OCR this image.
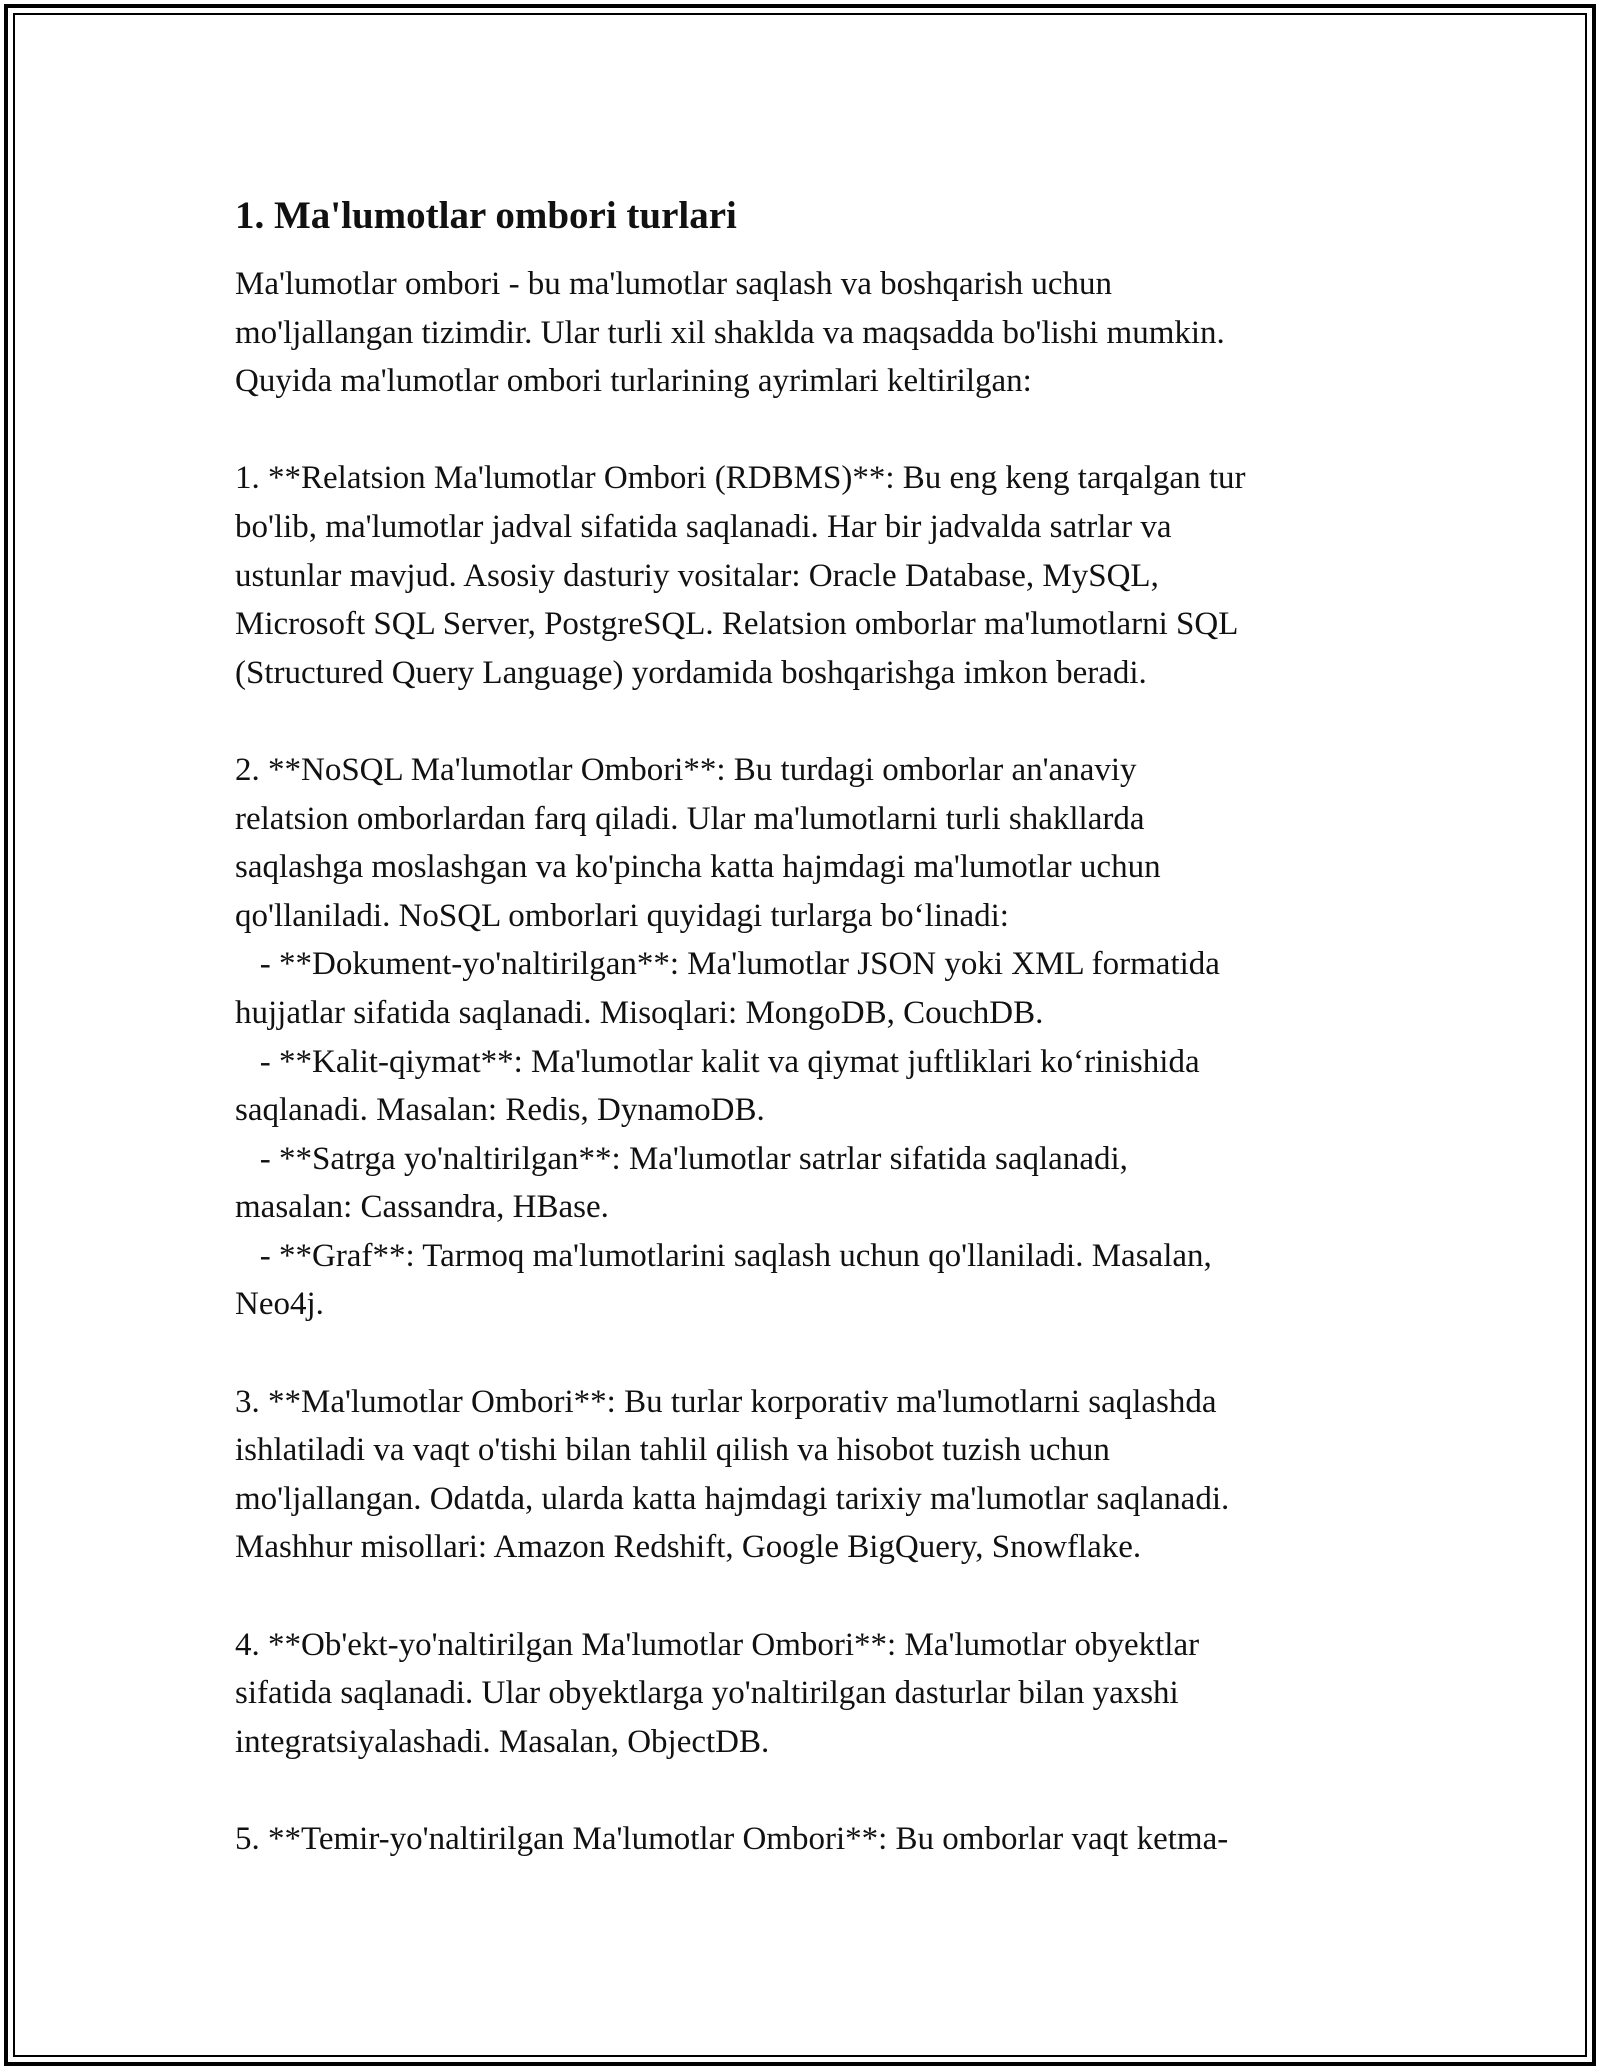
1. Ma'lumotlar ombori turlari
Ma'lumotlar ombori - bu ma'lumotlar saqlash va boshqarish uchun
mo'ljallangan tizimdir. Ular turli xil shaklda va maqsadda bo'lishi mumkin.
Quyida ma'lumotlar ombori turlarining ayrimlari keltirilgan:
1. **Relatsion Ma'lumotlar Ombori (RDBMS)**: Bu eng keng tarqalgan tur
bo'lib, ma'lumotlar jadval sifatida saqlanadi. Har bir jadvalda satrlar va
ustunlar mavjud. Asosiy dasturiy vositalar: Oracle Database, MySQL,
Microsoft SQL Server, PostgreSQL. Relatsion omborlar ma'lumotlarni SQL
(Structured Query Language) yordamida boshqarishga imkon beradi.
2. **NoSQL Ma'lumotlar Ombori**: Bu turdagi omborlar an'anaviy
relatsion omborlardan farq qiladi. Ular ma'lumotlarni turli shakllarda
saqlashga moslashgan va ko'pincha katta hajmdagi ma'lumotlar uchun
qo'llaniladi. NoSQL omborlari quyidagi turlarga bo‘linadi:
- **Dokument-yo'naltirilgan**: Ma'lumotlar JSON yoki XML formatida
hujjatlar sifatida saqlanadi. Misoqlari: MongoDB, CouchDB.
- **Kalit-qiymat**: Ma'lumotlar kalit va qiymat juftliklari ko‘rinishida
saqlanadi. Masalan: Redis, DynamoDB.
- **Satrga yo'naltirilgan**: Ma'lumotlar satrlar sifatida saqlanadi,
masalan: Cassandra, HBase.
- **Graf**: Tarmoq ma'lumotlarini saqlash uchun qo'llaniladi. Masalan,
Neo4j.
3. **Ma'lumotlar Ombori**: Bu turlar korporativ ma'lumotlarni saqlashda
ishlatiladi va vaqt o'tishi bilan tahlil qilish va hisobot tuzish uchun
mo'ljallangan. Odatda, ularda katta hajmdagi tarixiy ma'lumotlar saqlanadi.
Mashhur misollari: Amazon Redshift, Google BigQuery, Snowflake.
4. **Ob'ekt-yo'naltirilgan Ma'lumotlar Ombori**: Ma'lumotlar obyektlar
sifatida saqlanadi. Ular obyektlarga yo'naltirilgan dasturlar bilan yaxshi
integratsiyalashadi. Masalan, ObjectDB.
5. **Temir-yo'naltirilgan Ma'lumotlar Ombori**: Bu omborlar vaqt ketma-
